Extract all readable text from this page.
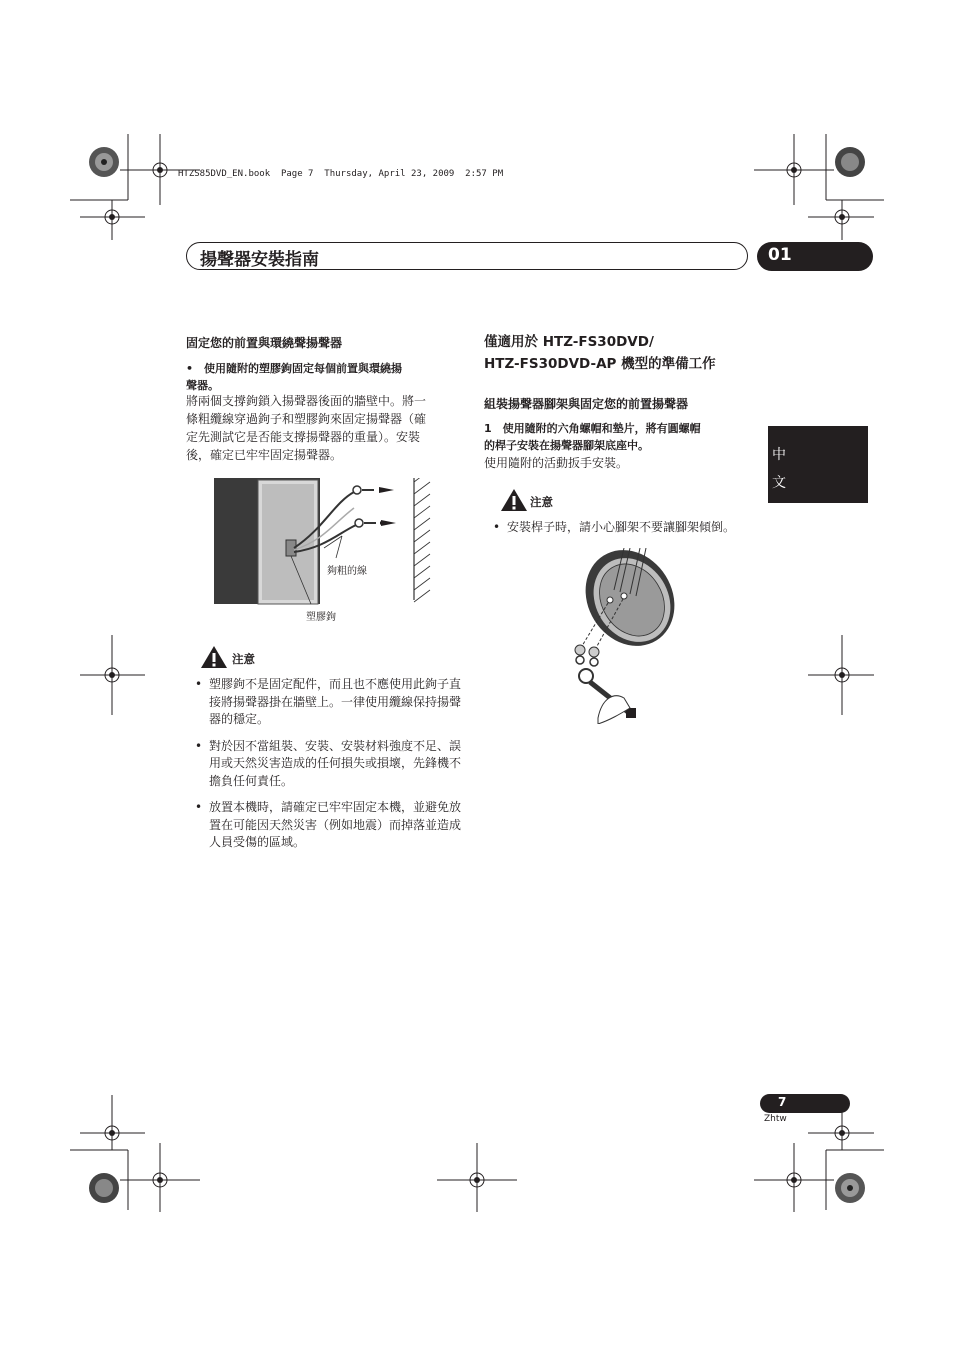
HTZS85DVD_EN.book  Page 7  Thursday, April 23, 2009  2:57 PM
揚聲器安裝指南	01
中
文
固定您的前置與環繞聲揚聲器
•　使用隨附的塑膠鉤固定每個前置與環繞揚
聲器。
將兩個支撐鉤鎖入揚聲器後面的牆壁中。將一
條粗纜線穿過鉤子和塑膠鉤來固定揚聲器（確
定先測試它是否能支撐揚聲器的重量）。安裝
後，確定已牢牢固定揚聲器。
夠粗的線
塑膠鉤
注意
• 塑膠鉤不是固定配件，而且也不應使用此鉤子直接將揚聲器掛在牆壁上。一律使用纜線保持揚聲器的穩定。
• 對於因不當組裝、安裝、安裝材料強度不足、誤用或天然災害造成的任何損失或損壞，先鋒機不擔負任何責任。
• 放置本機時，請確定已牢牢固定本機，並避免放置在可能因天然災害（例如地震）而掉落並造成人員受傷的區域。
僅適用於 HTZ-FS30DVD/
HTZ-FS30DVD-AP 機型的準備工作
組裝揚聲器腳架與固定您的前置揚聲器
1　使用隨附的六角螺帽和墊片，將有圓螺帽
的桿子安裝在揚聲器腳架底座中。
使用隨附的活動扳手安裝。
注意
• 安裝桿子時，請小心腳架不要讓腳架傾倒。
7
Zhtw
